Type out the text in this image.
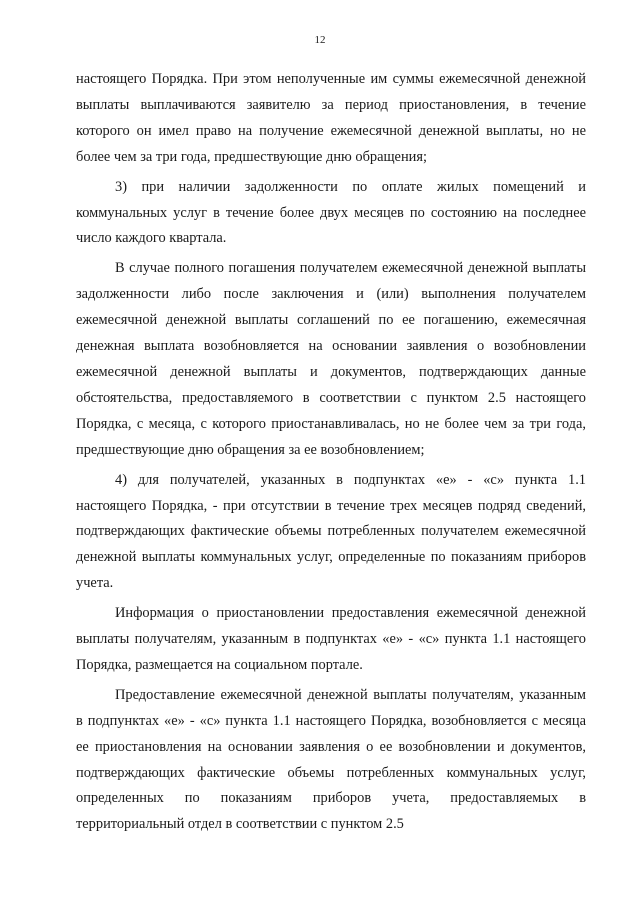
12

настоящего Порядка. При этом неполученные им суммы ежемесячной денежной выплаты выплачиваются заявителю за период приостановления, в течение которого он имел право на получение ежемесячной денежной выплаты, но не более чем за три года, предшествующие дню обращения;

3) при наличии задолженности по оплате жилых помещений и коммунальных услуг в течение более двух месяцев по состоянию на последнее число каждого квартала.

В случае полного погашения получателем ежемесячной денежной выплаты задолженности либо после заключения и (или) выполнения получателем ежемесячной денежной выплаты соглашений по ее погашению, ежемесячная денежная выплата возобновляется на основании заявления о возобновлении ежемесячной денежной выплаты и документов, подтверждающих данные обстоятельства, предоставляемого в соответствии с пунктом 2.5 настоящего Порядка, с месяца, с которого приостанавливалась, но не более чем за три года, предшествующие дню обращения за ее возобновлением;

4) для получателей, указанных в подпунктах «е» - «с» пункта 1.1 настоящего Порядка, - при отсутствии в течение трех месяцев подряд сведений, подтверждающих фактические объемы потребленных получателем ежемесячной денежной выплаты коммунальных услуг, определенные по показаниям приборов учета.

Информация о приостановлении предоставления ежемесячной денежной выплаты получателям, указанным в подпунктах «е» - «с» пункта 1.1 настоящего Порядка, размещается на социальном портале.

Предоставление ежемесячной денежной выплаты получателям, указанным в подпунктах «е» - «с» пункта 1.1 настоящего Порядка, возобновляется с месяца ее приостановления на основании заявления о ее возобновлении и документов, подтверждающих фактические объемы потребленных коммунальных услуг, определенных по показаниям приборов учета, предоставляемых в территориальный отдел в соответствии с пунктом 2.5
